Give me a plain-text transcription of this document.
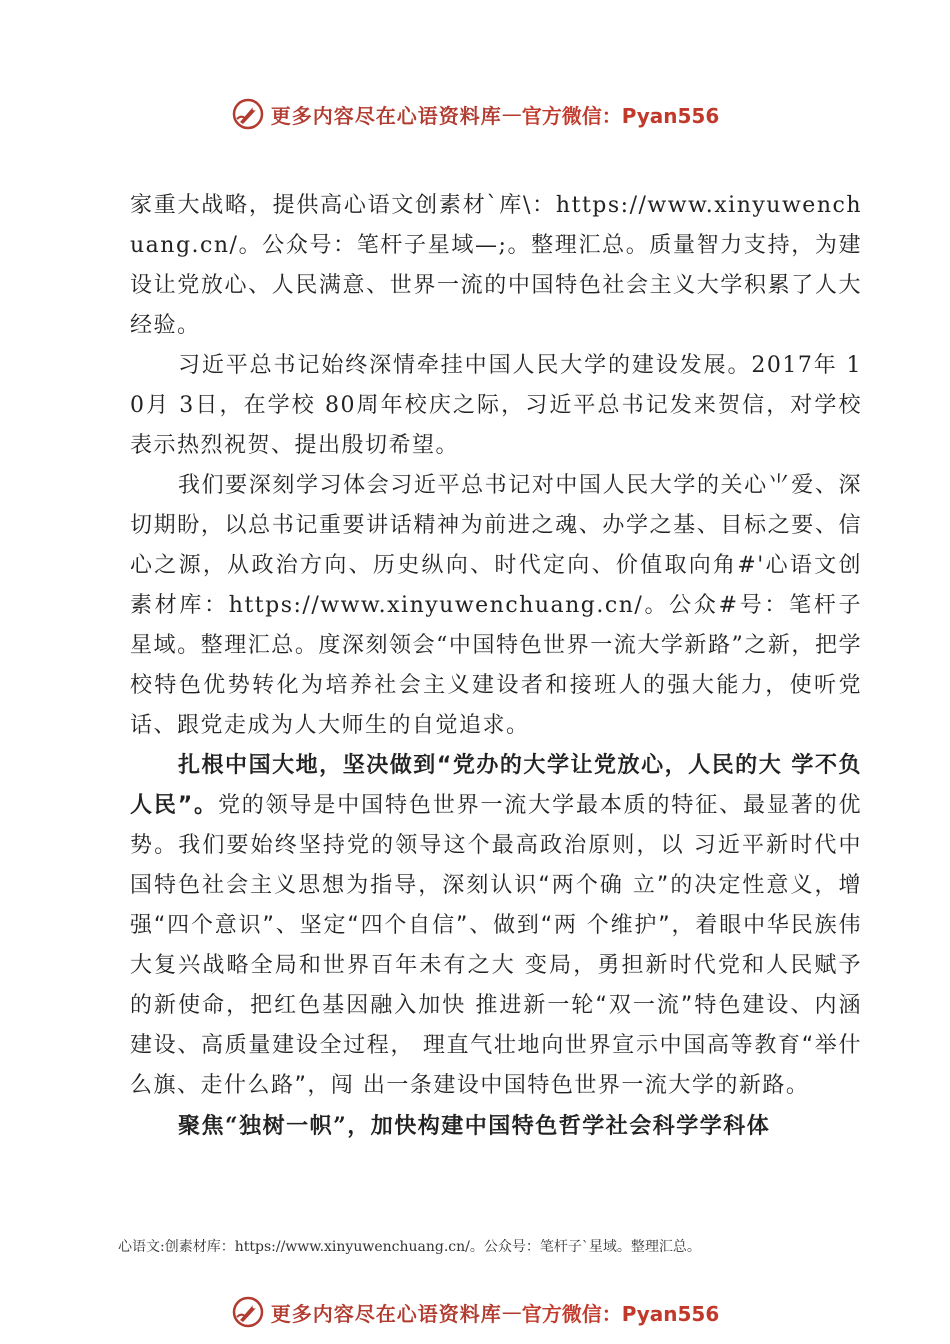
更多内容尽在心语资料库 — 官方微信：Pyan556

家重大战略，提供高心语文创素材`库\：https://www.xinyuwenchuang.cn/。公众号：笔杆子星域—;。整理汇总。质量智力支持，为建设让党放心、人民满意、世界一流的中国特色社会主义大学积累了人大经验。

习近平总书记始终深情牵挂中国人民大学的建设发展。2017年 10月 3日，在学校 80周年校庆之际，习近平总书记发来贺信，对学校表示热烈祝贺、提出殷切希望。

我们要深刻学习体会习近平总书记对中国人民大学的关心⺌爱、深切期盼，以总书记重要讲话精神为前进之魂、办学之基、目标之要、信心之源，从政治方向、历史纵向、时代定向、价值取向角#'心语文创素材库：https://www.xinyuwenchuang.cn/。公众#号：笔杆子星域。整理汇总。度深刻领会“中国特色世界一流大学新路”之新，把学校特色优势转化为培养社会主义建设者和接班人的强大能力，使听党话、跟党走成为人大师生的自觉追求。

扎根中国大地，坚决做到“党办的大学让党放心，人民的大 学不负人民”。党的领导是中国特色世界一流大学最本质的特征、最显著的优势。我们要始终坚持党的领导这个最高政治原则，以 习近平新时代中国特色社会主义思想为指导，深刻认识“两个确 立”的决定性意义，增强“四个意识”、坚定“四个自信”、做到“两 个维护”，着眼中华民族伟大复兴战略全局和世界百年未有之大 变局，勇担新时代党和人民赋予的新使命，把红色基因融入加快 推进新一轮“双一流”特色建设、内涵建设、高质量建设全过程， 理直气壮地向世界宣示中国高等教育“举什么旗、走什么路”，闯 出一条建设中国特色世界一流大学的新路。

聚焦“独树一帜”，加快构建中国特色哲学社会科学学科体

心语文:创素材库：https://www.xinyuwenchuang.cn/。公众号：笔杆子`星域。整理汇总。
更多内容尽在心语资料库 — 官方微信：Pyan556
